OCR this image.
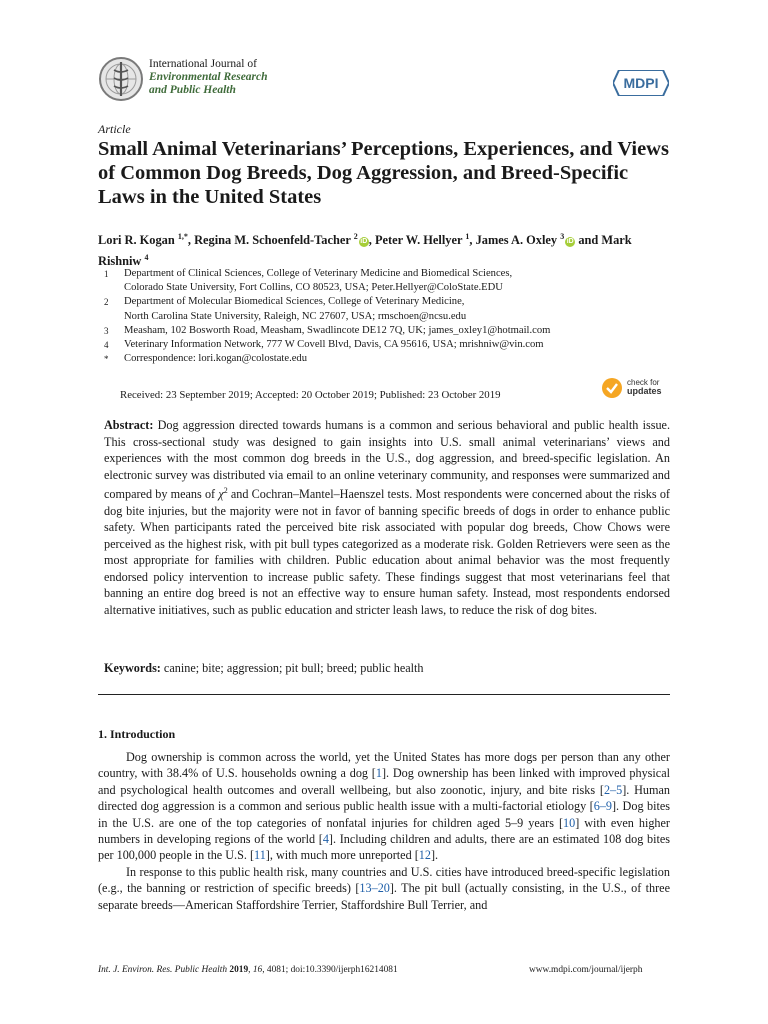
International Journal of
Environmental Research
and Public Health	MDPI
Article
Small Animal Veterinarians’ Perceptions, Experiences, and Views of Common Dog Breeds, Dog Aggression, and Breed-Specific Laws in the United States
Lori R. Kogan $^{1,*}$, Regina M. Schoenfeld-Tacher $^2$iD , Peter W. Hellyer $^1$, James A. Oxley $^3$iD and Mark Rishniw $^4$
1	Department of Clinical Sciences, College of Veterinary Medicine and Biomedical Sciences,
Colorado State University, Fort Collins, CO 80523, USA; Peter.Hellyer@ColoState.EDU
2	Department of Molecular Biomedical Sciences, College of Veterinary Medicine,
North Carolina State University, Raleigh, NC 27607, USA; rmschoen@ncsu.edu
3	Measham, 102 Bosworth Road, Measham, Swadlincote DE12 7Q, UK; james_oxley1@hotmail.com
4	Veterinary Information Network, 777 W Covell Blvd, Davis, CA 95616, USA; mrishniw@vin.com
*	Correspondence: lori.kogan@colostate.edu
Received: 23 September 2019; Accepted: 20 October 2019; Published: 23 October 2019
check for
updates
Abstract: Dog aggression directed towards humans is a common and serious behavioral and public health issue. This cross-sectional study was designed to gain insights into U.S. small animal veterinarians’ views and experiences with the most common dog breeds in the U.S., dog aggression, and breed-specific legislation. An electronic survey was distributed via email to an online veterinary community, and responses were summarized and compared by means of $\chi^2$ and Cochran–Mantel–Haenszel tests. Most respondents were concerned about the risks of dog bite injuries, but the majority were not in favor of banning specific breeds of dogs in order to enhance public safety. When participants rated the perceived bite risk associated with popular dog breeds, Chow Chows were perceived as the highest risk, with pit bull types categorized as a moderate risk. Golden Retrievers were seen as the most appropriate for families with children. Public education about animal behavior was the most frequently endorsed policy intervention to increase public safety. These findings suggest that most veterinarians feel that banning an entire dog breed is not an effective way to ensure human safety. Instead, most respondents endorsed alternative initiatives, such as public education and stricter leash laws, to reduce the risk of dog bites.
Keywords: canine; bite; aggression; pit bull; breed; public health
1. Introduction

Dog ownership is common across the world, yet the United States has more dogs per person than any other country, with 38.4% of U.S. households owning a dog [1]. Dog ownership has been linked with improved physical and psychological health outcomes and overall wellbeing, but also zoonotic, injury, and bite risks [2–5]. Human directed dog aggression is a common and serious public health issue with a multi-factorial etiology [6–9]. Dog bites in the U.S. are one of the top categories of nonfatal injuries for children aged 5–9 years [10] with even higher numbers in developing regions of the world [4]. Including children and adults, there are an estimated 108 dog bites per 100,000 people in the U.S. [11], with much more unreported [12].

In response to this public health risk, many countries and U.S. cities have introduced breed-specific legislation (e.g., the banning or restriction of specific breeds) [13–20]. The pit bull (actually consisting, in the U.S., of three separate breeds—American Staffordshire Terrier, Staffordshire Bull Terrier, and

Int. J. Environ. Res. Public Health 2019, 16, 4081; doi:10.3390/ijerph16214081	www.mdpi.com/journal/ijerph
